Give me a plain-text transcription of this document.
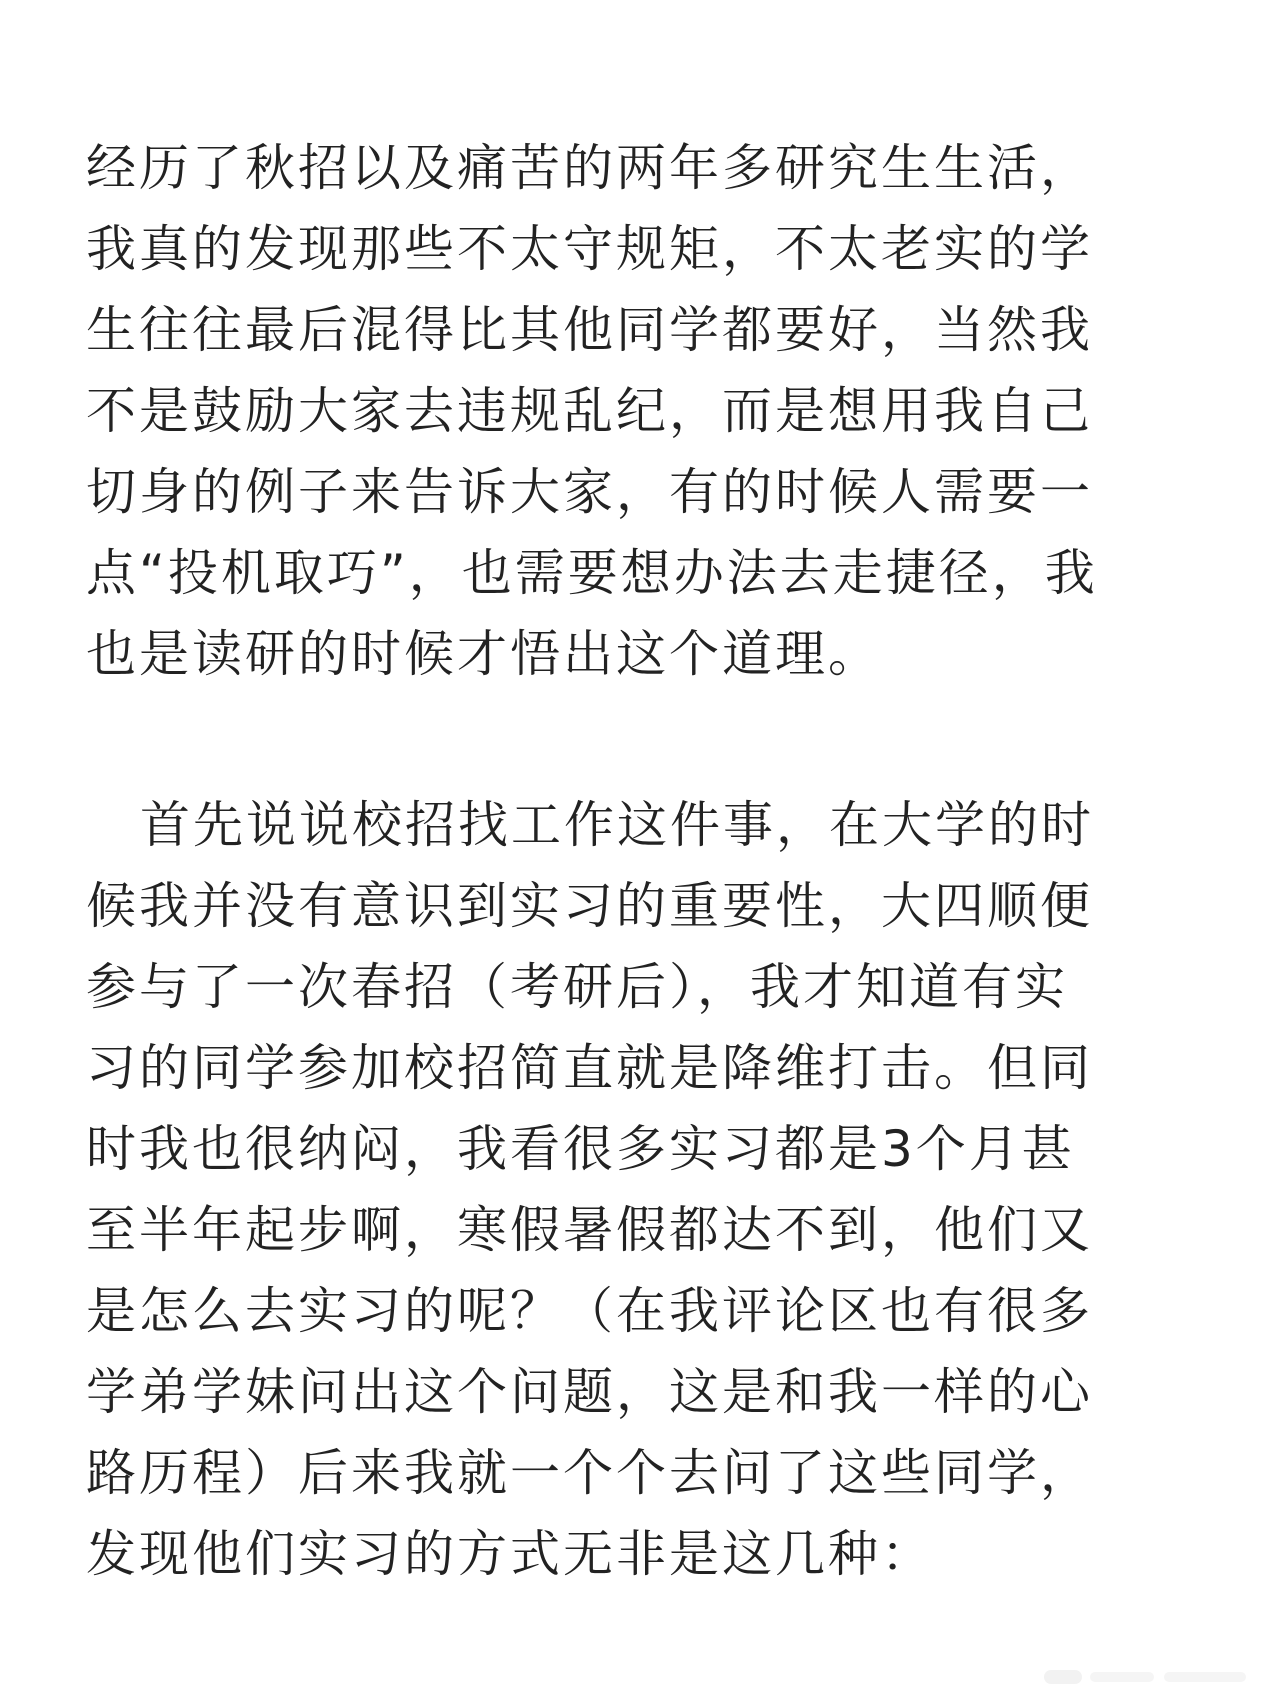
经历了秋招以及痛苦的两年多研究生生活，
我真的发现那些不太守规矩，不太老实的学
生往往最后混得比其他同学都要好，当然我
不是鼓励大家去违规乱纪，而是想用我自己
切身的例子来告诉大家，有的时候人需要一
点“投机取巧”，也需要想办法去走捷径，我
也是读研的时候才悟出这个道理。
首先说说校招找工作这件事，在大学的时
候我并没有意识到实习的重要性，大四顺便
参与了一次春招（考研后），我才知道有实
习的同学参加校招简直就是降维打击。但同
时我也很纳闷，我看很多实习都是3个月甚
至半年起步啊，寒假暑假都达不到，他们又
是怎么去实习的呢？（在我评论区也有很多
学弟学妹问出这个问题，这是和我一样的心
路历程）后来我就一个个去问了这些同学，
发现他们实习的方式无非是这几种：
